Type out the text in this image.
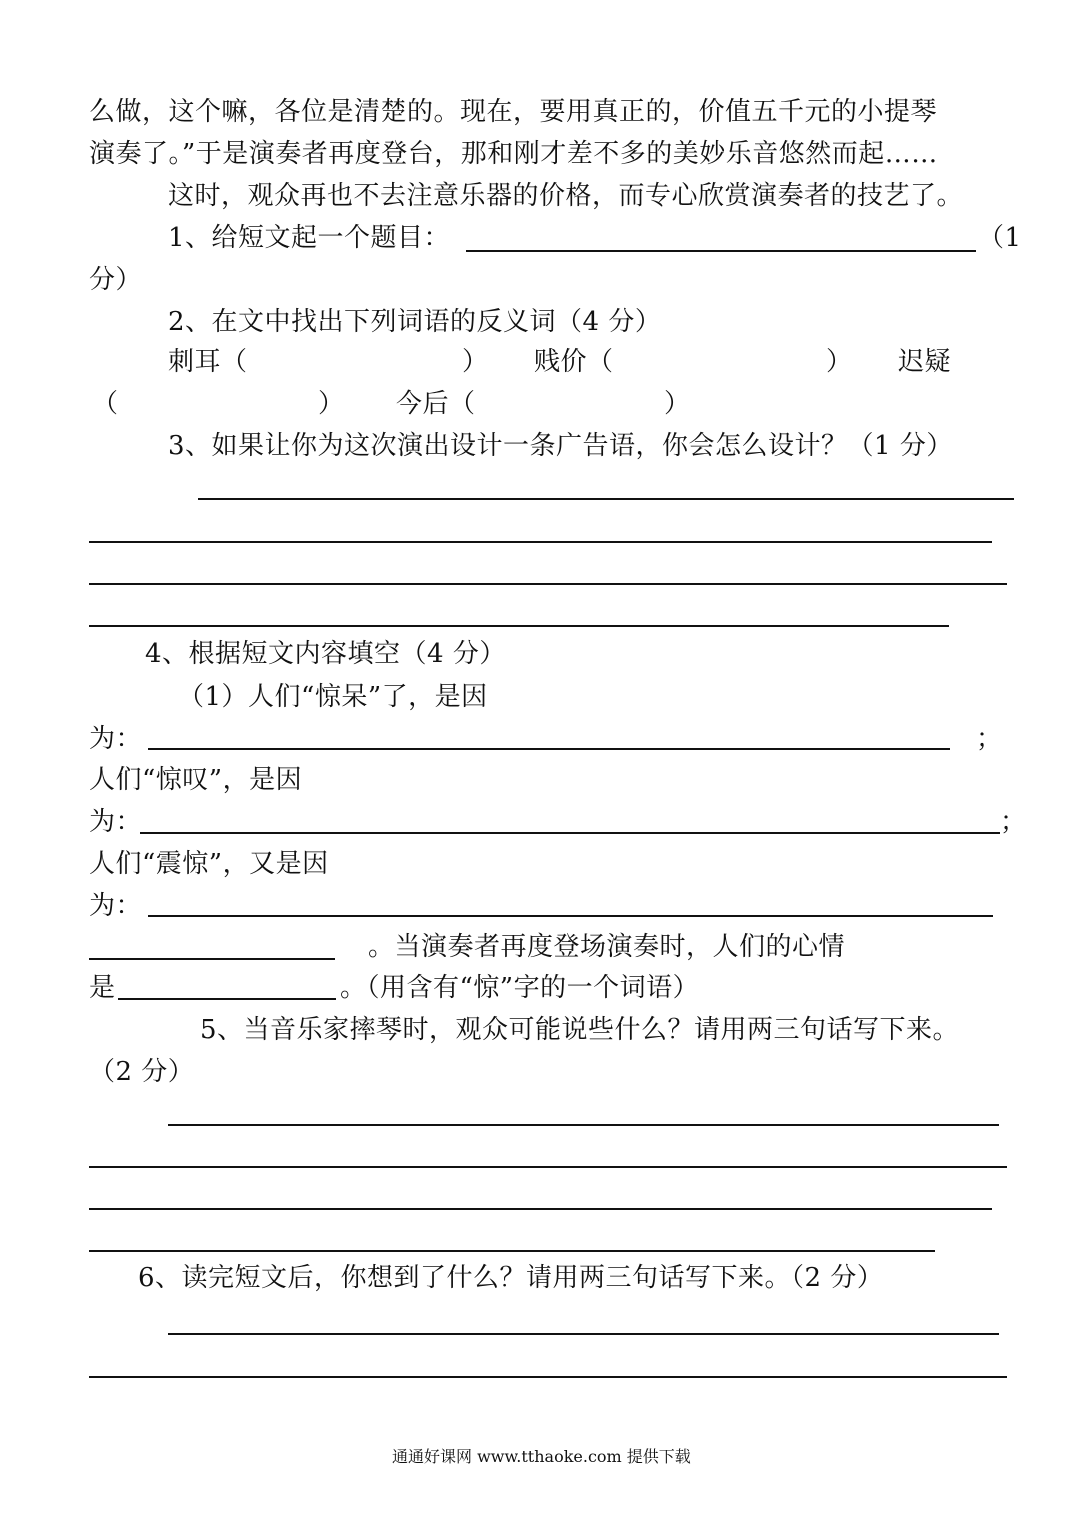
么做，这个嘛，各位是清楚的。现在，要用真正的，价值五千元的小提琴
演奏了。”于是演奏者再度登台，那和刚才差不多的美妙乐音悠然而起……
这时，观众再也不去注意乐器的价格，而专心欣赏演奏者的技艺了。
1、给短文起一个题目：	（1
分）
2、在文中找出下列词语的反义词（4 分）
刺耳（	） 贱价（	） 迟疑
（	） 今后（	）
3、如果让你为这次演出设计一条广告语，你会怎么设计？（1 分）
4、根据短文内容填空（4 分）
（1）人们“惊呆”了，是因
为：	；
人们“惊叹”，是因
为：	；
人们“震惊”，又是因
为：
。当演奏者再度登场演奏时，人们的心情
是	。（用含有“惊”字的一个词语）
5、当音乐家摔琴时，观众可能说些什么？请用两三句话写下来。
（2 分）
6、读完短文后，你想到了什么？请用两三句话写下来。（2 分）
通通好课网 www.tthaoke.com 提供下载
